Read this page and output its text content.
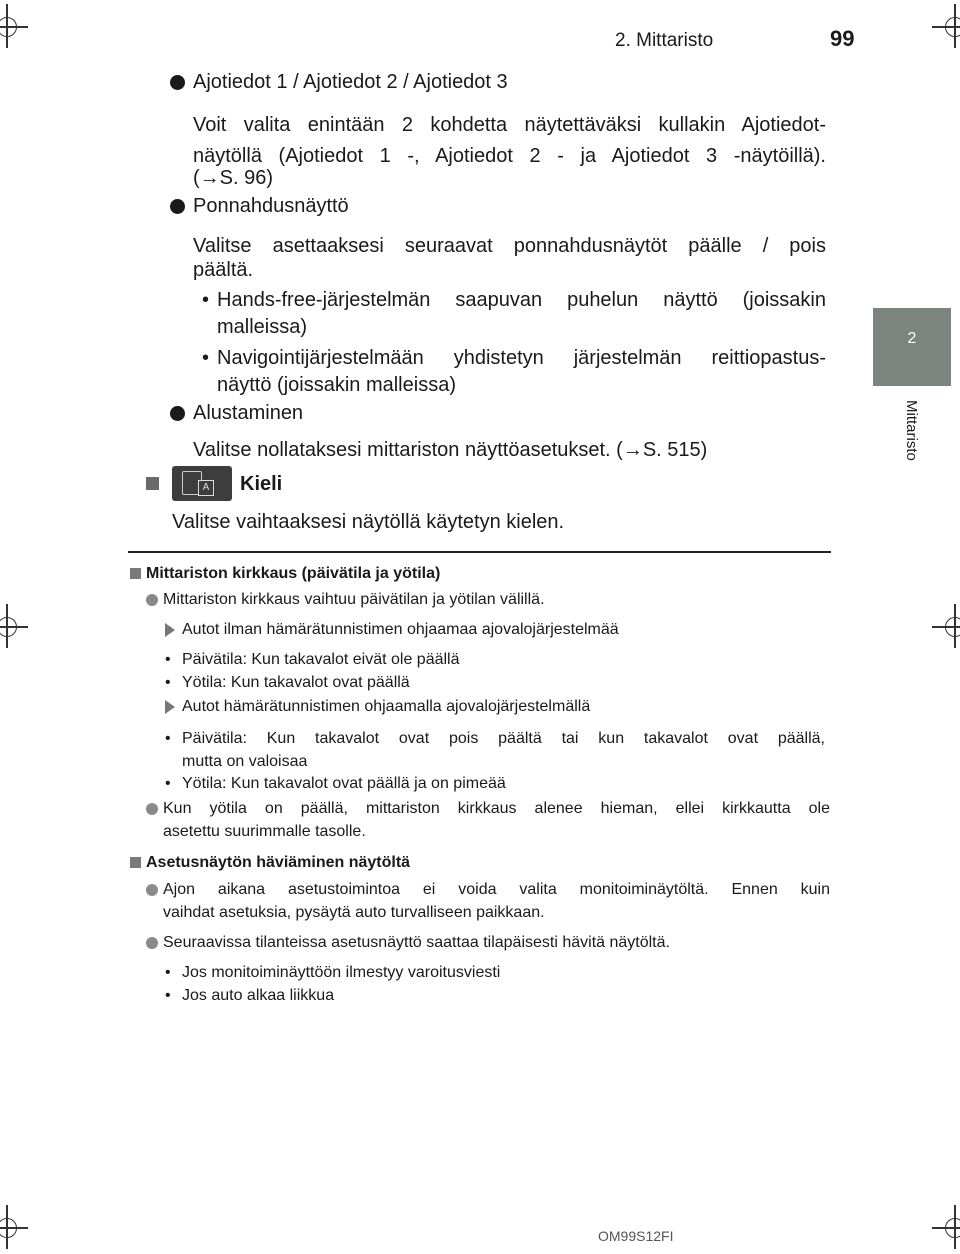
2. Mittaristo	99
2
Mittaristo
Ajotiedot 1 / Ajotiedot 2 / Ajotiedot 3
Voit valita enintään 2 kohdetta näytettäväksi kullakin Ajotiedot-
näytöllä (Ajotiedot 1 -, Ajotiedot 2 - ja Ajotiedot 3 -näytöillä).
(→S. 96)
Ponnahdusnäyttö
Valitse asettaaksesi seuraavat ponnahdusnäytöt päälle / pois
päältä.
• Hands-free-järjestelmän saapuvan puhelun näyttö (joissakin
malleissa)
• Navigointijärjestelmään yhdistetyn järjestelmän reittiopastus-
näyttö (joissakin malleissa)
Alustaminen
Valitse nollataksesi mittariston näyttöasetukset. (→S. 515)
A Kieli
Valitse vaihtaaksesi näytöllä käytetyn kielen.
Mittariston kirkkaus (päivätila ja yötila)
Mittariston kirkkaus vaihtuu päivätilan ja yötilan välillä.
Autot ilman hämärätunnistimen ohjaamaa ajovalojärjestelmää
• Päivätila: Kun takavalot eivät ole päällä
• Yötila: Kun takavalot ovat päällä
Autot hämärätunnistimen ohjaamalla ajovalojärjestelmällä
• Päivätila: Kun takavalot ovat pois päältä tai kun takavalot ovat päällä,
mutta on valoisaa
• Yötila: Kun takavalot ovat päällä ja on pimeää
Kun yötila on päällä, mittariston kirkkaus alenee hieman, ellei kirkkautta ole
asetettu suurimmalle tasolle.
Asetusnäytön häviäminen näytöltä
Ajon aikana asetustoimintoa ei voida valita monitoiminäytöltä. Ennen kuin
vaihdat asetuksia, pysäytä auto turvalliseen paikkaan.
Seuraavissa tilanteissa asetusnäyttö saattaa tilapäisesti hävitä näytöltä.
• Jos monitoiminäyttöön ilmestyy varoitusviesti
• Jos auto alkaa liikkua
OM99S12FI
